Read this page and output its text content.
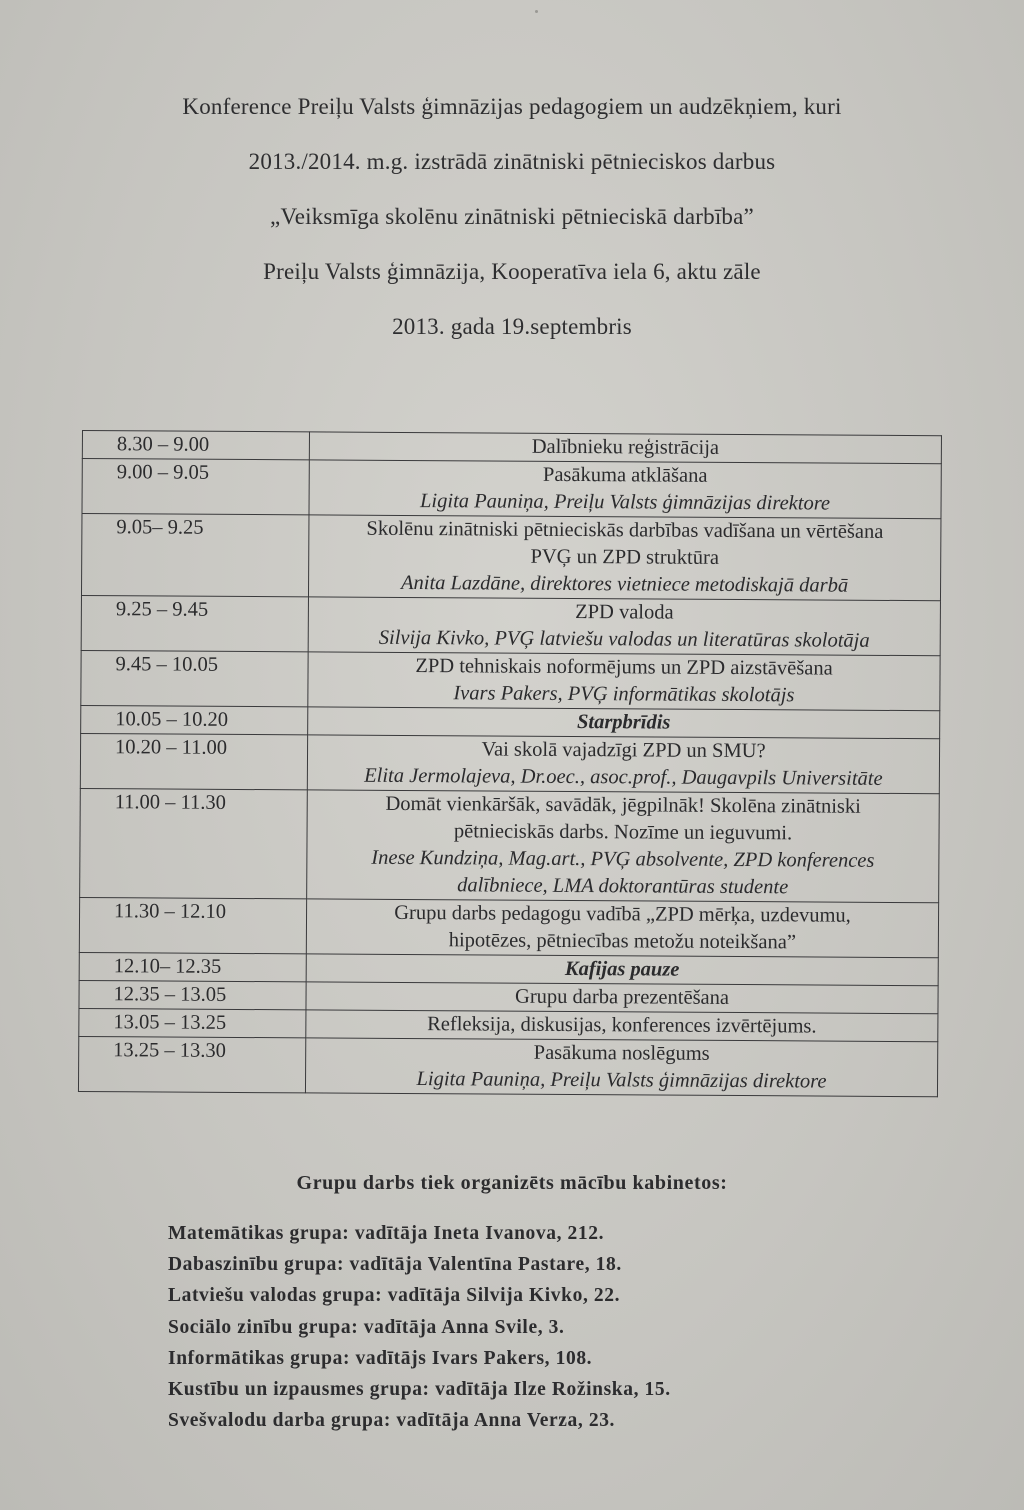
Konference Preiļu Valsts ģimnāzijas pedagogiem un audzēkņiem, kuri
2013./2014. m.g. izstrādā zinātniski pētnieciskos darbus
„Veiksmīga skolēnu zinātniski pētnieciskā darbība”
Preiļu Valsts ģimnāzija, Kooperatīva iela 6, aktu zāle
2013. gada 19.septembris
8.30 – 9.00	Dalībnieku reģistrācija

9.00 – 9.05	Pasākuma atklāšana
Ligita Pauniņa, Preiļu Valsts ģimnāzijas direktore

9.05– 9.25	Skolēnu zinātniski pētnieciskās darbības vadīšana un vērtēšana
PVĢ un ZPD struktūra
Anita Lazdāne, direktores vietniece metodiskajā darbā

9.25 – 9.45	ZPD valoda
Silvija Kivko, PVĢ latviešu valodas un literatūras skolotāja

9.45 – 10.05	ZPD tehniskais noformējums un ZPD aizstāvēšana
Ivars Pakers, PVĢ informātikas skolotājs

10.05 – 10.20	Starpbrīdis

10.20 – 11.00	Vai skolā vajadzīgi ZPD un SMU?
Elita Jermolajeva, Dr.oec., asoc.prof., Daugavpils Universitāte

11.00 – 11.30	Domāt vienkāršāk, savādāk, jēgpilnāk! Skolēna zinātniski
pētnieciskās darbs. Nozīme un ieguvumi.
Inese Kundziņa, Mag.art., PVĢ absolvente, ZPD konferences
dalībniece, LMA doktorantūras studente

11.30 – 12.10	Grupu darbs pedagogu vadībā „ZPD mērķa, uzdevumu,
hipotēzes, pētniecības metožu noteikšana”

12.10– 12.35	Kafijas pauze

12.35 – 13.05	Grupu darba prezentēšana

13.05 – 13.25	Refleksija, diskusijas, konferences izvērtējums.

13.25 – 13.30	Pasākuma noslēgums
Ligita Pauniņa, Preiļu Valsts ģimnāzijas direktore
Grupu darbs tiek organizēts mācību kabinetos:
Matemātikas grupa: vadītāja Ineta Ivanova, 212.
Dabaszinību grupa: vadītāja Valentīna Pastare, 18.
Latviešu valodas grupa: vadītāja Silvija Kivko, 22.
Sociālo zinību grupa: vadītāja Anna Svile, 3.
Informātikas grupa: vadītājs Ivars Pakers, 108.
Kustību un izpausmes grupa: vadītāja Ilze Rožinska, 15.
Svešvalodu darba grupa: vadītāja Anna Verza, 23.
